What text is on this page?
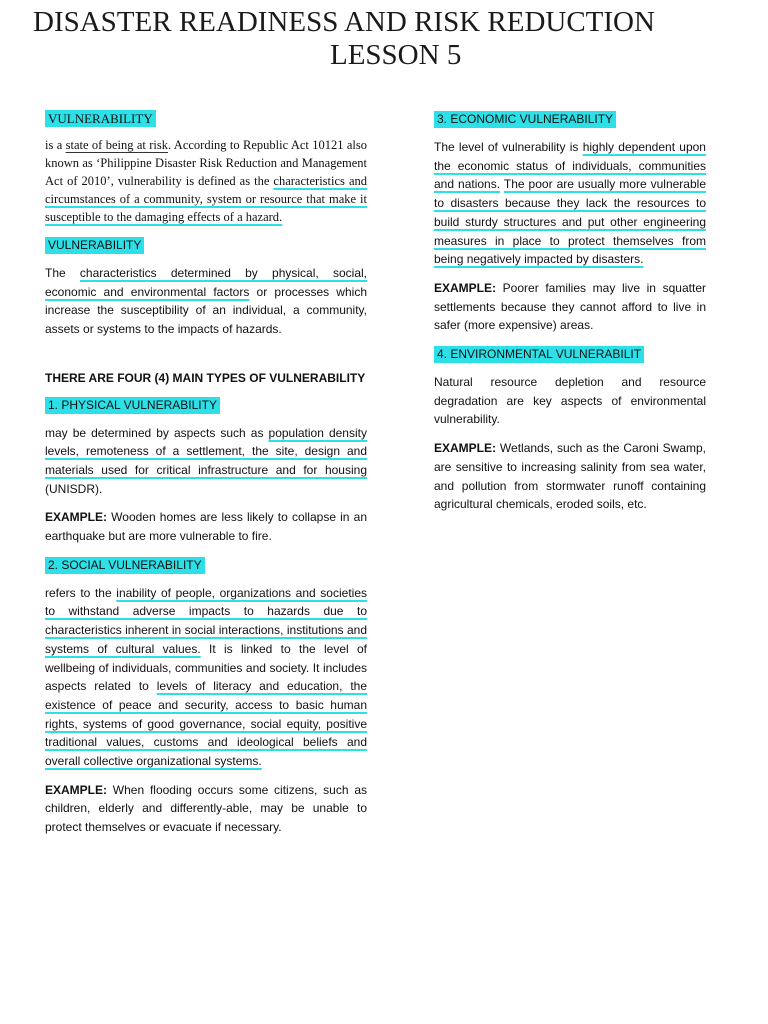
DISASTER READINESS AND RISK REDUCTION
LESSON 5
VULNERABILITY

is a state of being at risk. According to Republic Act 10121 also known as ‘Philippine Disaster Risk Reduction and Management Act of 2010’, vulnerability is defined as the characteristics and circumstances of a community, system or resource that make it susceptible to the damaging effects of a hazard.

VULNERABILITY

The characteristics determined by physical, social, economic and environmental factors or processes which increase the susceptibility of an individual, a community, assets or systems to the impacts of hazards.

THERE ARE FOUR (4) MAIN TYPES OF VULNERABILITY

1. PHYSICAL VULNERABILITY

may be determined by aspects such as population density levels, remoteness of a settlement, the site, design and materials used for critical infrastructure and for housing (UNISDR).

EXAMPLE: Wooden homes are less likely to collapse in an earthquake but are more vulnerable to fire.

2. SOCIAL VULNERABILITY

refers to the inability of people, organizations and societies to withstand adverse impacts to hazards due to characteristics inherent in social interactions, institutions and systems of cultural values. It is linked to the level of wellbeing of individuals, communities and society. It includes aspects related to levels of literacy and education, the existence of peace and security, access to basic human rights, systems of good governance, social equity, positive traditional values, customs and ideological beliefs and overall collective organizational systems.

EXAMPLE: When flooding occurs some citizens, such as children, elderly and differently-able, may be unable to protect themselves or evacuate if necessary.

3. ECONOMIC VULNERABILITY

The level of vulnerability is highly dependent upon the economic status of individuals, communities and nations. The poor are usually more vulnerable to disasters because they lack the resources to build sturdy structures and put other engineering measures in place to protect themselves from being negatively impacted by disasters.

EXAMPLE: Poorer families may live in squatter settlements because they cannot afford to live in safer (more expensive) areas.

4. ENVIRONMENTAL VULNERABILIT

Natural resource depletion and resource degradation are key aspects of environmental vulnerability.

EXAMPLE: Wetlands, such as the Caroni Swamp, are sensitive to increasing salinity from sea water, and pollution from stormwater runoff containing agricultural chemicals, eroded soils, etc.
